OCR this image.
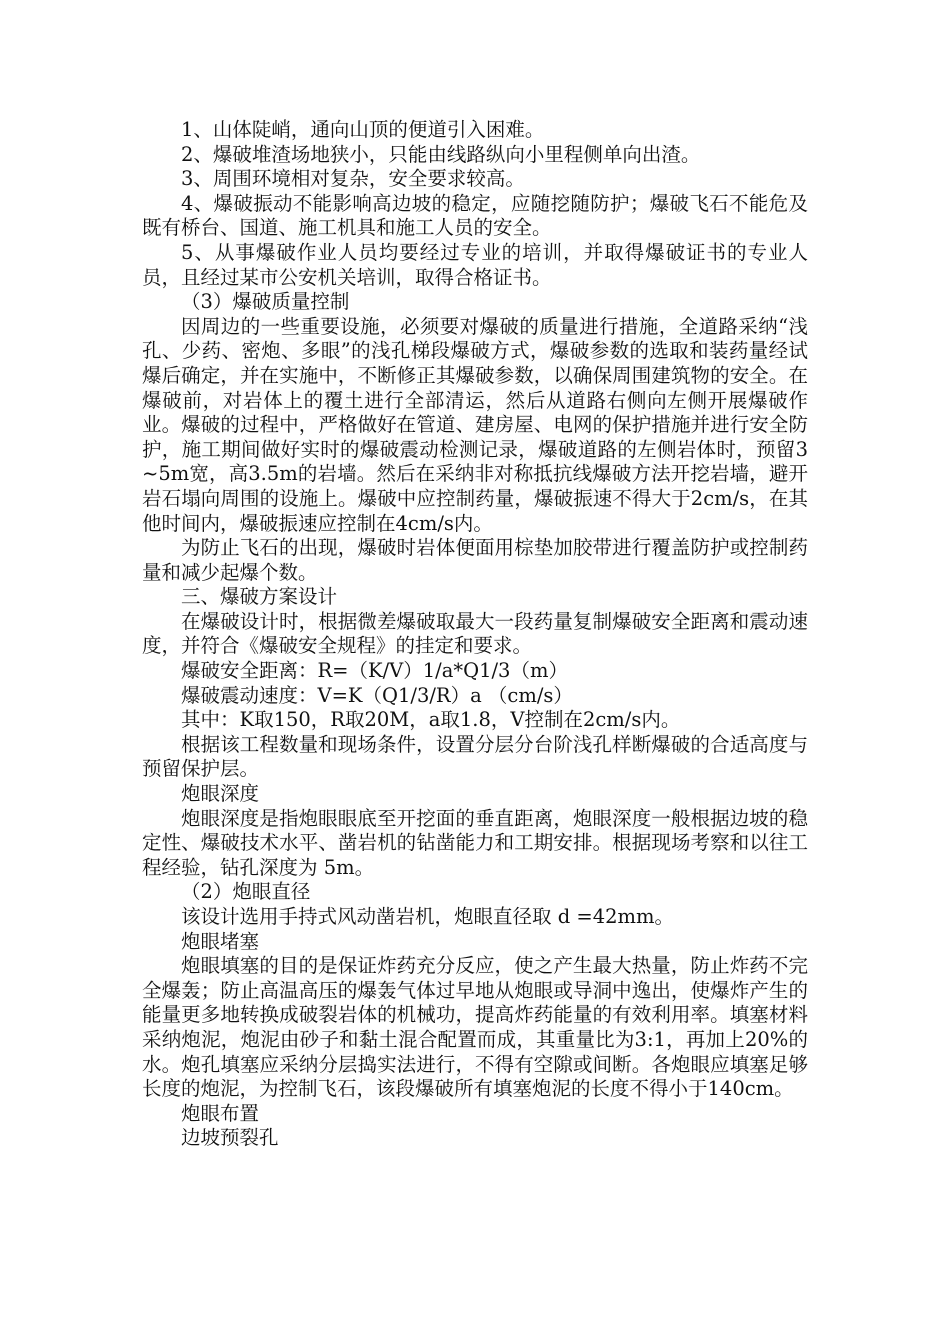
1、山体陡峭，通向山顶的便道引入困难。

2、爆破堆渣场地狭小，只能由线路纵向小里程侧单向出渣。

3、周围环境相对复杂，安全要求较高。

4、爆破振动不能影响高边坡的稳定，应随挖随防护；爆破飞石不能危及既有桥台、国道、施工机具和施工人员的安全。

5、从事爆破作业人员均要经过专业的培训，并取得爆破证书的专业人员，且经过某市公安机关培训，取得合格证书。

（3）爆破质量控制

因周边的一些重要设施，必须要对爆破的质量进行措施，全道路采纳“浅孔、少药、密炮、多眼”的浅孔梯段爆破方式，爆破参数的选取和装药量经试爆后确定，并在实施中，不断修正其爆破参数，以确保周围建筑物的安全。在爆破前，对岩体上的覆土进行全部清运，然后从道路右侧向左侧开展爆破作业。爆破的过程中，严格做好在管道、建房屋、电网的保护措施并进行安全防护，施工期间做好实时的爆破震动检测记录，爆破道路的左侧岩体时，预留3~5m宽，高3.5m的岩墙。然后在采纳非对称抵抗线爆破方法开挖岩墙，避开岩石塌向周围的设施上。爆破中应控制药量，爆破振速不得大于2cm/s，在其他时间内，爆破振速应控制在4cm/s内。

为防止飞石的出现，爆破时岩体便面用棕垫加胶带进行覆盖防护或控制药量和减少起爆个数。

三、爆破方案设计

在爆破设计时，根据微差爆破取最大一段药量复制爆破安全距离和震动速度，并符合《爆破安全规程》的挂定和要求。

爆破安全距离：R=（K/V）1/a*Q1/3（m）

爆破震动速度：V=K（Q1/3/R）a （cm/s）

其中：K取150，R取20M，a取1.8，V控制在2cm/s内。

根据该工程数量和现场条件，设置分层分台阶浅孔样断爆破的合适高度与预留保护层。

炮眼深度

炮眼深度是指炮眼眼底至开挖面的垂直距离，炮眼深度一般根据边坡的稳定性、爆破技术水平、凿岩机的钻凿能力和工期安排。根据现场考察和以往工程经验，钻孔深度为 5m。

（2）炮眼直径

该设计选用手持式风动凿岩机，炮眼直径取 d =42mm。

炮眼堵塞

炮眼填塞的目的是保证炸药充分反应，使之产生最大热量，防止炸药不完全爆轰；防止高温高压的爆轰气体过早地从炮眼或导洞中逸出，使爆炸产生的能量更多地转换成破裂岩体的机械功，提高炸药能量的有效利用率。填塞材料采纳炮泥，炮泥由砂子和黏土混合配置而成，其重量比为3:1，再加上20%的水。炮孔填塞应采纳分层捣实法进行，不得有空隙或间断。各炮眼应填塞足够长度的炮泥，为控制飞石，该段爆破所有填塞炮泥的长度不得小于140cm。

炮眼布置

边坡预裂孔
